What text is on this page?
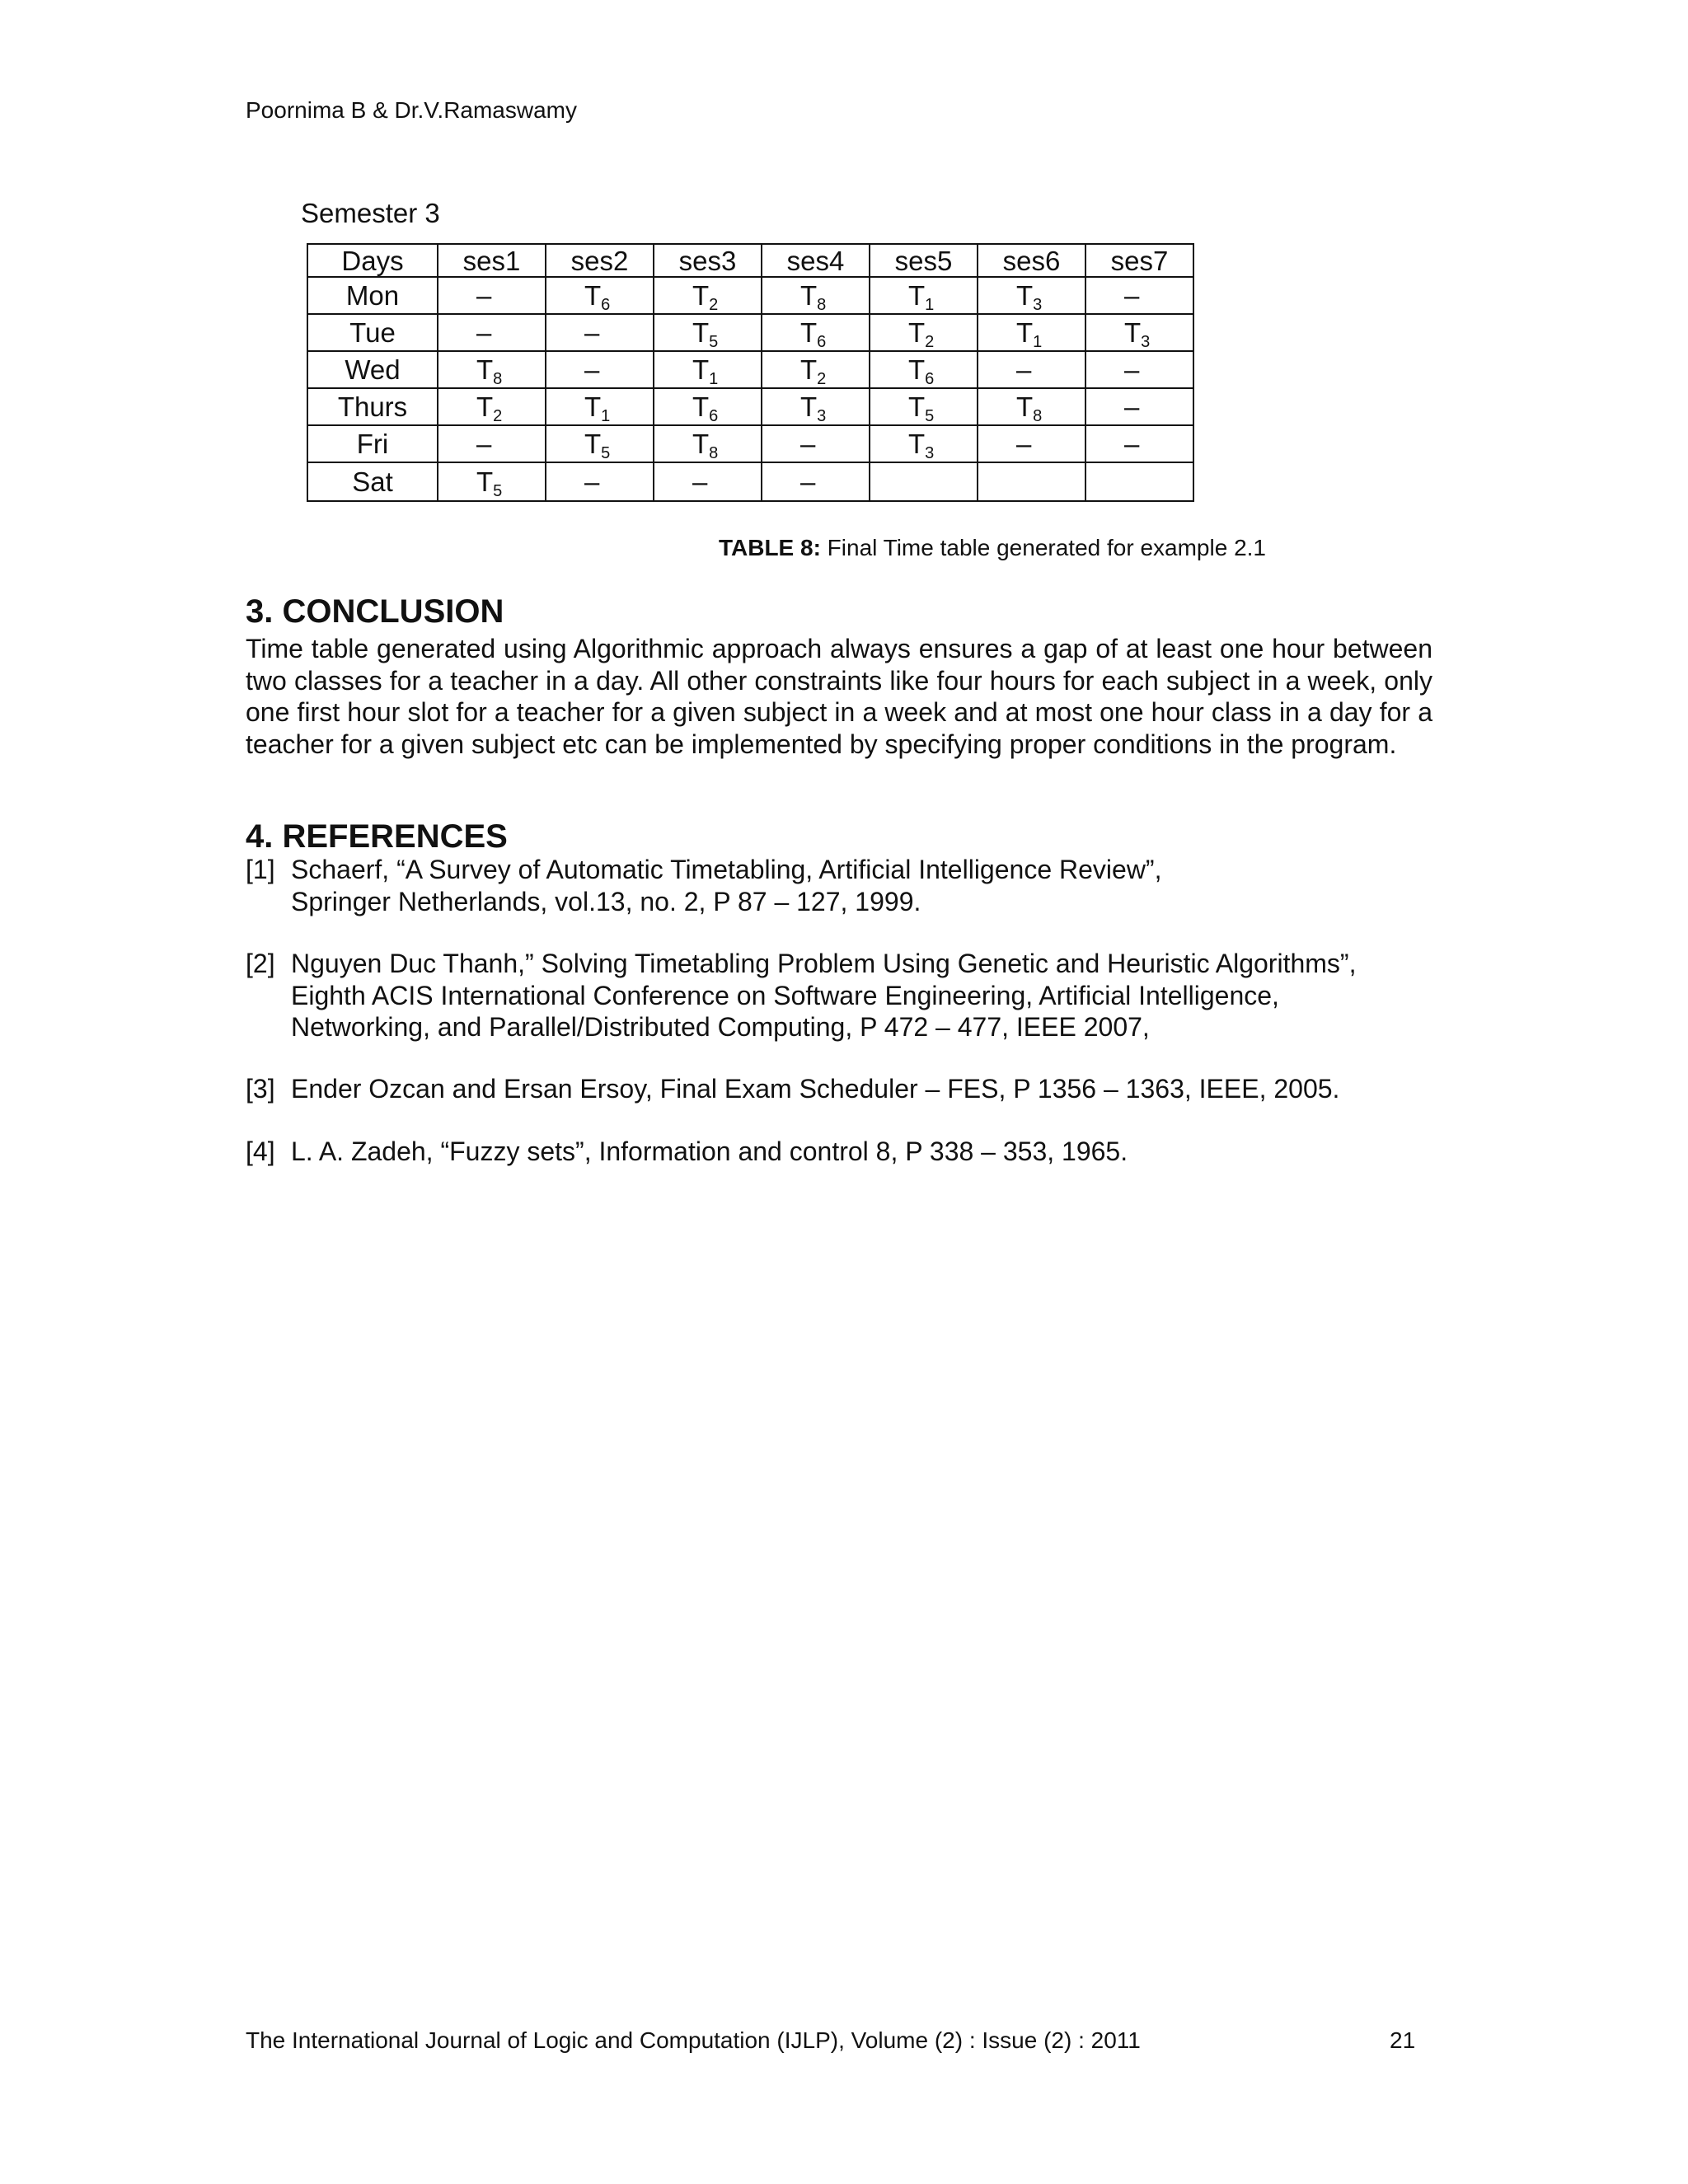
Poornima B & Dr.V.Ramaswamy
Semester 3
Days	ses1	ses2	ses3	ses4	ses5	ses6	ses7
Mon	–	$T_6$	$T_2$	$T_8$	$T_1$	$T_3$	–
Tue	–	–	$T_5$	$T_6$	$T_2$	$T_1$	$T_3$
Wed	$T_8$	–	$T_1$	$T_2$	$T_6$	–	–
Thurs	$T_2$	$T_1$	$T_6$	$T_3$	$T_5$	$T_8$	–
Fri	–	$T_5$	$T_8$	–	$T_3$	–	–
Sat	$T_5$	–	–	–			
TABLE 8: Final Time table generated for example 2.1
3. CONCLUSION
Time table generated using Algorithmic approach always ensures a gap of at least one hour between two classes for a teacher in a day. All other constraints like four hours for each subject in a week, only one first hour slot for a teacher for a given subject in a week and at most one hour class in a day for a teacher for a given subject etc can be implemented by specifying proper conditions in the program.
4. REFERENCES
[1] Schaerf, “A Survey of Automatic Timetabling, Artificial Intelligence Review”,
Springer Netherlands, vol.13, no. 2, P 87 – 127, 1999.
[2] Nguyen Duc Thanh,” Solving Timetabling Problem Using Genetic and Heuristic Algorithms”,
Eighth ACIS International Conference on Software Engineering, Artificial Intelligence,
Networking, and Parallel/Distributed Computing, P 472 – 477, IEEE 2007,
[3] Ender Ozcan and Ersan Ersoy, Final Exam Scheduler – FES, P 1356 – 1363, IEEE, 2005.
[4] L. A. Zadeh, “Fuzzy sets”, Information and control 8, P 338 – 353, 1965.
The International Journal of Logic and Computation (IJLP), Volume (2) : Issue (2) : 2011	21
